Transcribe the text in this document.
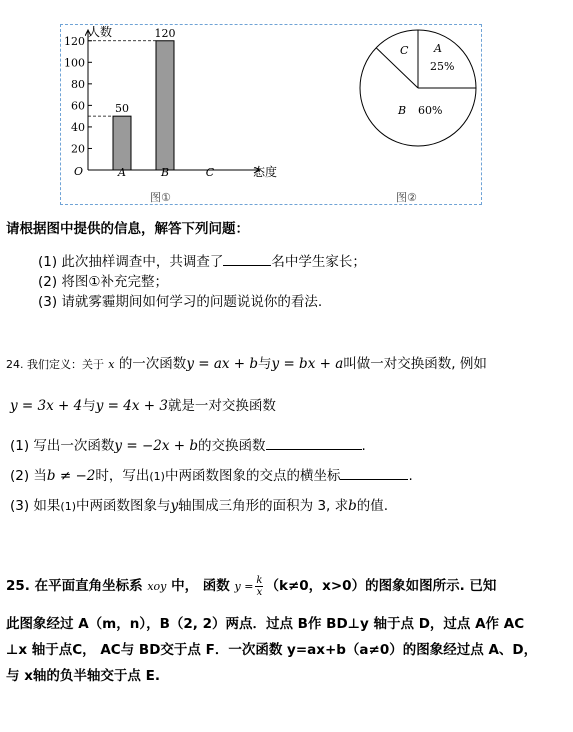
20
40
60
80
100
120
50
120
A	B	C
人数
态度
O
图①
A
25%
B 60%
C
图②
请根据图中提供的信息，解答下列问题：
(1) 此次抽样调查中，共调查了	名中学生家长；
(2) 将图①补充完整；
(3) 请就雾霾期间如何学习的问题说说你的看法.
24. 我们定义：关于 x 的一次函数y = ax + b与y = bx + a叫做一对交换函数, 例如
y = 3x + 4与y = 4x + 3就是一对交换函数
(1) 写出一次函数y = −2x + b的交换函数	.
(2) 当b ≠ −2时，写出(1)中两函数图象的交点的横坐标	.
(3) 如果(1)中两函数图象与y轴围成三角形的面积为 3, 求b的值.
25. 在平面直角坐标系 xoy 中， 函数 $y = \frac{k}{x} (k\ne 0$，x>0）的图象如图所示. 已知
此图象经过 A（m，n），B（2, 2）两点．过点 B作 BD⊥y 轴于点 D，过点 A作 AC
⊥x 轴于点C， AC与 BD交于点 F．一次函数 y=ax+b（a≠0）的图象经过点 A、D，
与 x轴的负半轴交于点 E.
